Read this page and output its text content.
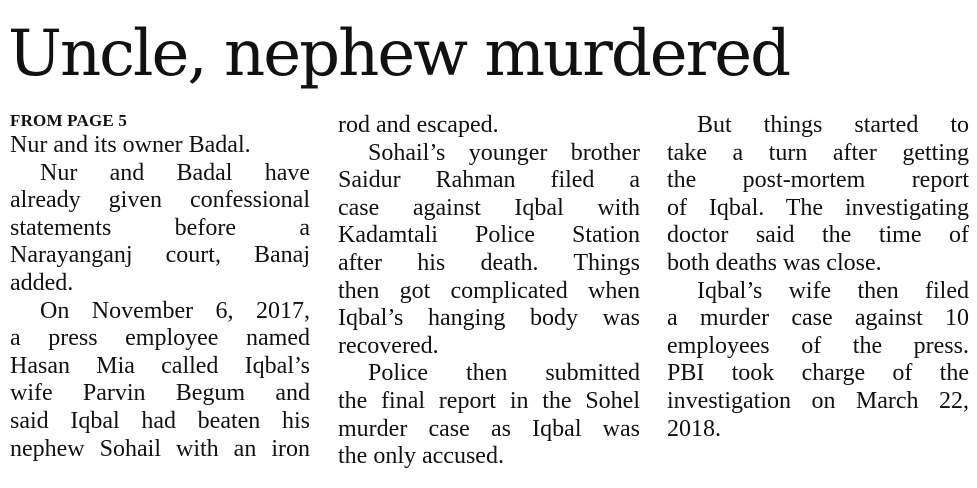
Uncle, nephew murdered
FROM PAGE 5
Nur and its owner Badal.
Nur and Badal have
already given confessional
statements before a
Narayanganj court, Banaj
added.
On November 6, 2017,
a press employee named
Hasan Mia called Iqbal’s
wife Parvin Begum and
said Iqbal had beaten his
nephew Sohail with an iron
rod and escaped.
Sohail’s younger brother
Saidur Rahman filed a
case against Iqbal with
Kadamtali Police Station
after his death. Things
then got complicated when
Iqbal’s hanging body was
recovered.
Police then submitted
the final report in the Sohel
murder case as Iqbal was
the only accused.
But things started to
take a turn after getting
the post-mortem report
of Iqbal. The investigating
doctor said the time of
both deaths was close.
Iqbal’s wife then filed
a murder case against 10
employees of the press.
PBI took charge of the
investigation on March 22,
2018.
